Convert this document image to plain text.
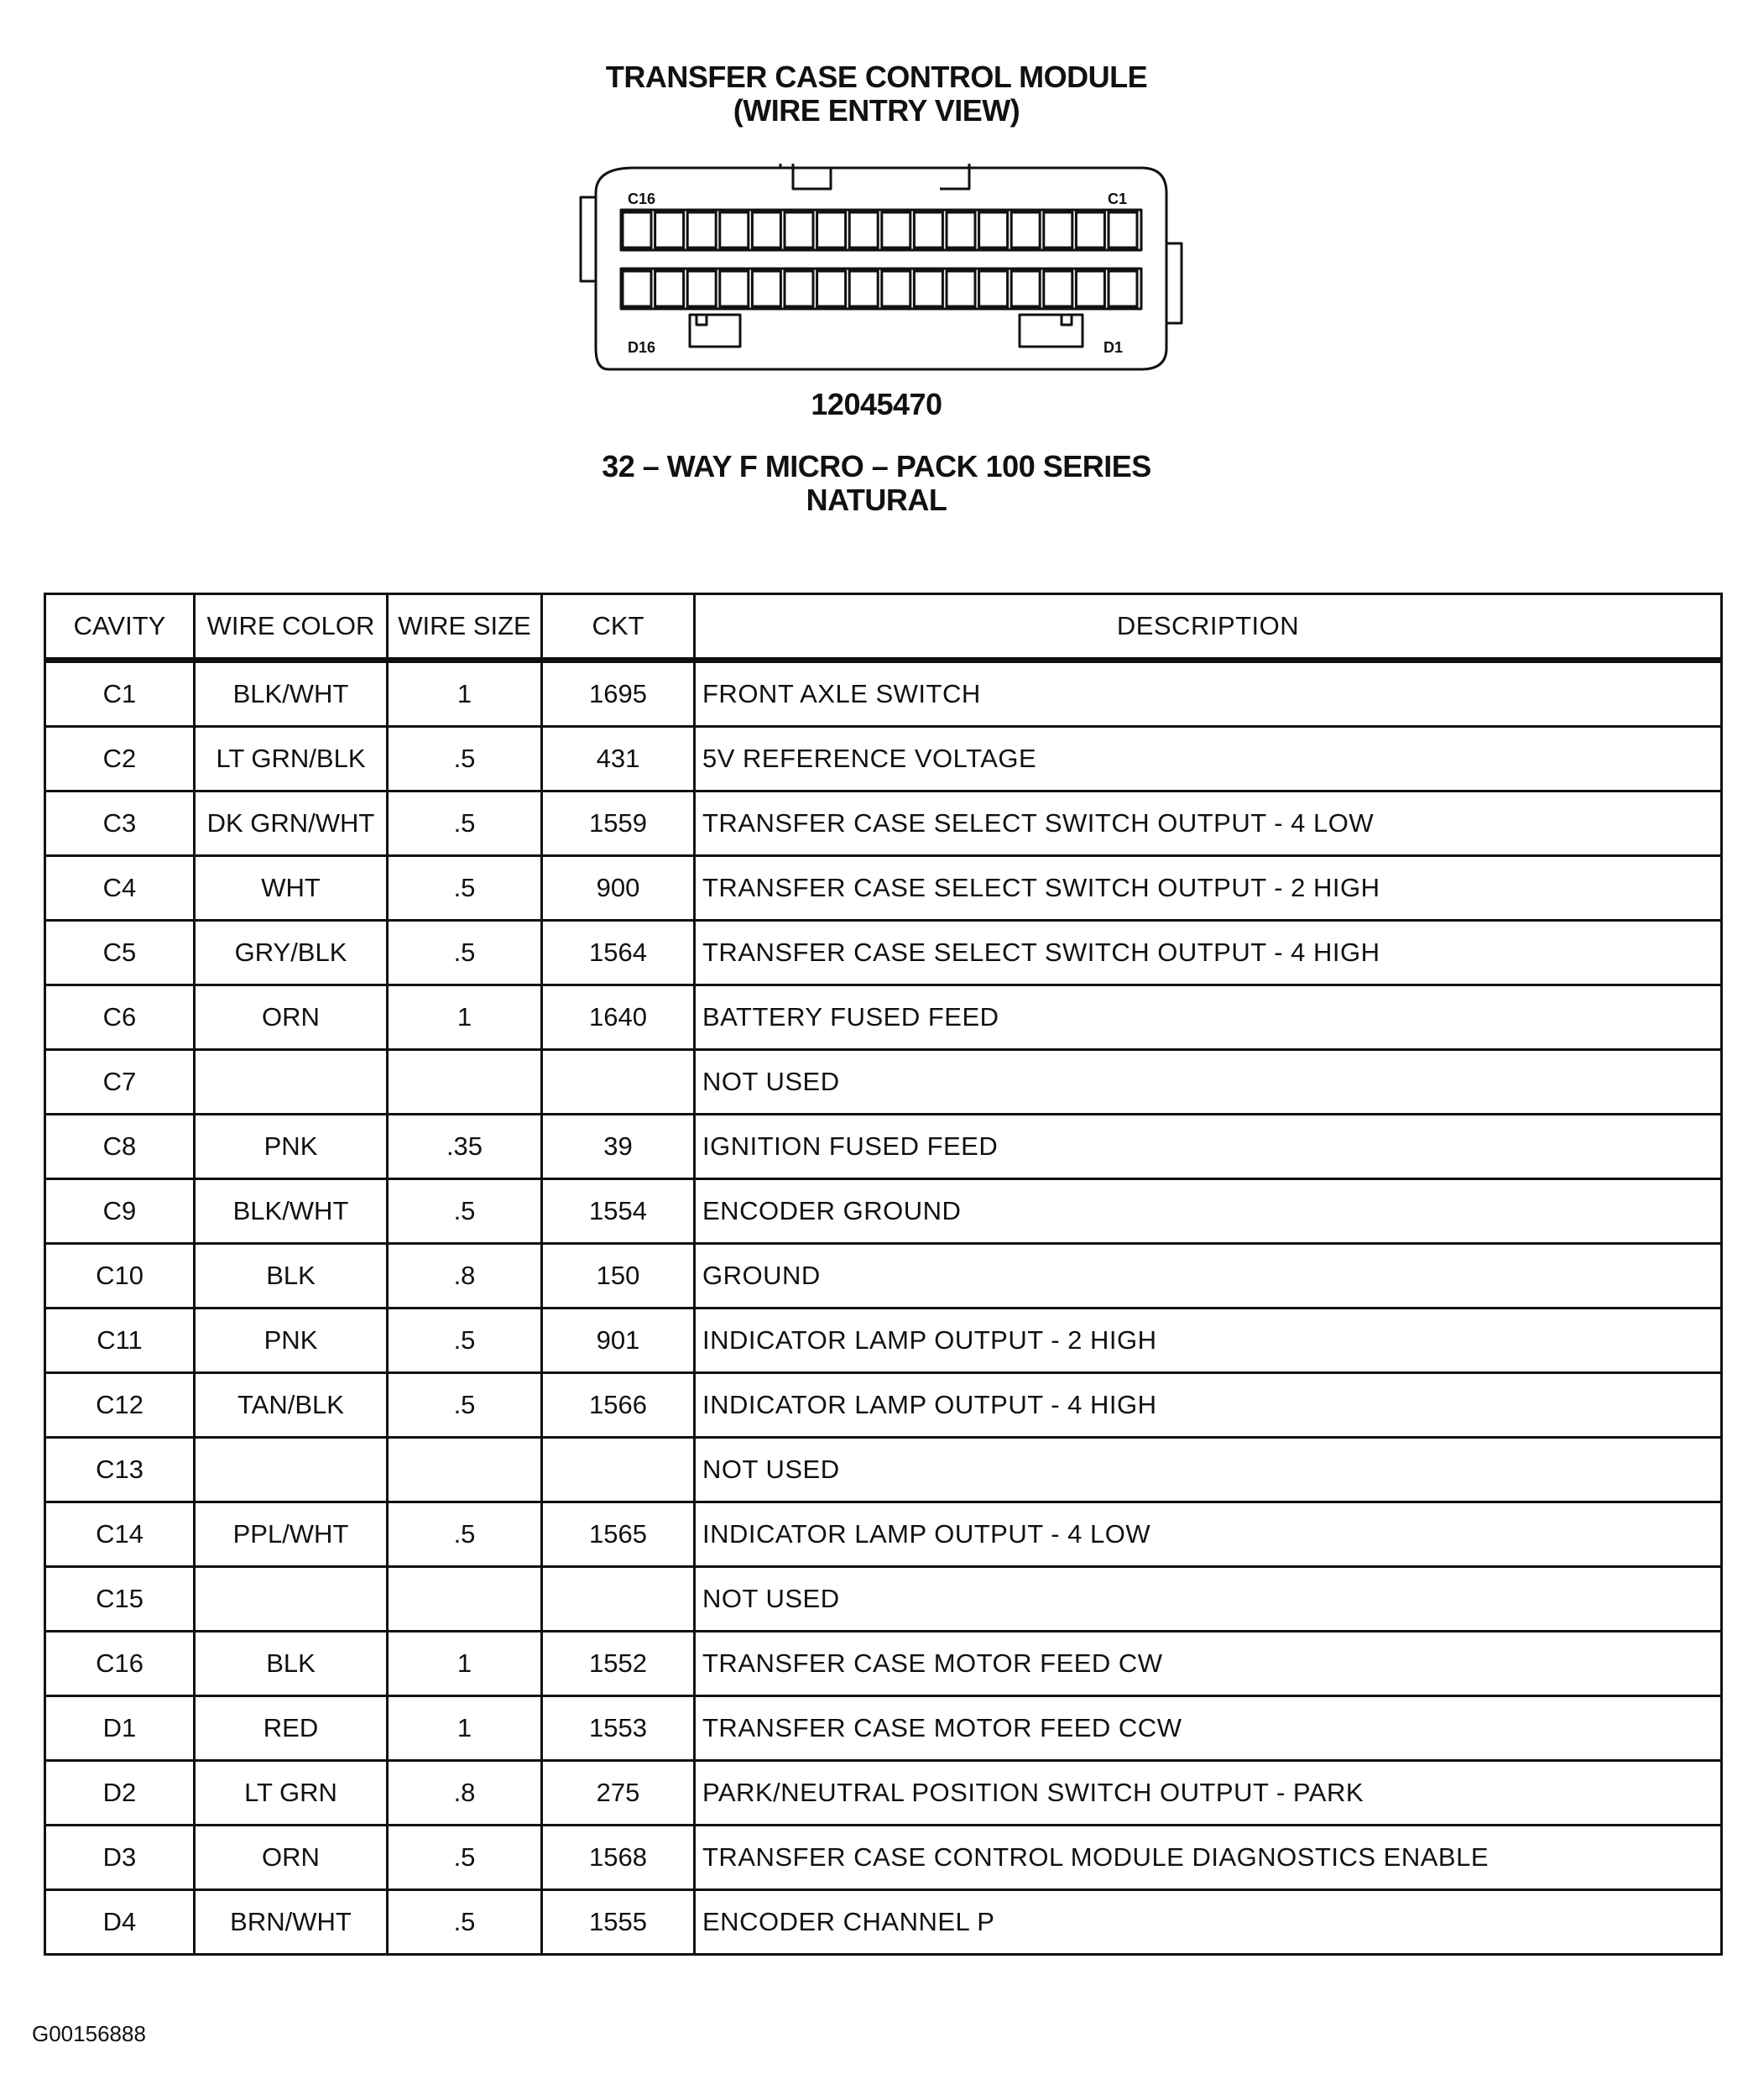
TRANSFER CASE CONTROL MODULE
(WIRE ENTRY VIEW)
C16	C1
D16	D1
12045470
32 – WAY F MICRO – PACK 100 SERIES
NATURAL
CAVITY	WIRE COLOR	WIRE SIZE	CKT	DESCRIPTION
C1	BLK/WHT	1	1695	FRONT AXLE SWITCH
C2	LT GRN/BLK	.5	431	5V REFERENCE VOLTAGE
C3	DK GRN/WHT	.5	1559	TRANSFER CASE SELECT SWITCH OUTPUT - 4 LOW
C4	WHT	.5	900	TRANSFER CASE SELECT SWITCH OUTPUT - 2 HIGH
C5	GRY/BLK	.5	1564	TRANSFER CASE SELECT SWITCH OUTPUT - 4 HIGH
C6	ORN	1	1640	BATTERY FUSED FEED
C7				NOT USED
C8	PNK	.35	39	IGNITION FUSED FEED
C9	BLK/WHT	.5	1554	ENCODER GROUND
C10	BLK	.8	150	GROUND
C11	PNK	.5	901	INDICATOR LAMP OUTPUT - 2 HIGH
C12	TAN/BLK	.5	1566	INDICATOR LAMP OUTPUT - 4 HIGH
C13				NOT USED
C14	PPL/WHT	.5	1565	INDICATOR LAMP OUTPUT - 4 LOW
C15				NOT USED
C16	BLK	1	1552	TRANSFER CASE MOTOR FEED CW
D1	RED	1	1553	TRANSFER CASE MOTOR FEED CCW
D2	LT GRN	.8	275	PARK/NEUTRAL POSITION SWITCH OUTPUT - PARK
D3	ORN	.5	1568	TRANSFER CASE CONTROL MODULE DIAGNOSTICS ENABLE
D4	BRN/WHT	.5	1555	ENCODER CHANNEL P
G00156888
